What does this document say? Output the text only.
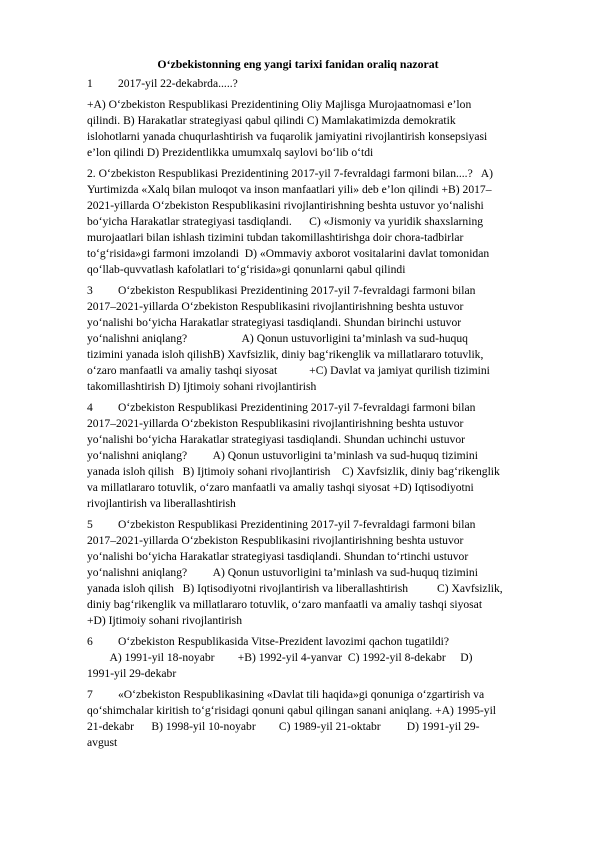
O‘zbekistonning eng yangi tarixi fanidan oraliq nazorat
1 2017-yil 22-dekabrda.....?
+A) O‘zbekiston Respublikasi Prezidentining Oliy Majlisga Murojaatnomasi e’lon
qilindi. B) Harakatlar strategiyasi qabul qilindi C) Mamlakatimizda demokratik
islohotlarni yanada chuqurlashtirish va fuqarolik jamiyatini rivojlantirish konsepsiyasi
e’lon qilindi D) Prezidentlikka umumxalq saylovi bo‘lib o‘tdi
2. O‘zbekiston Respublikasi Prezidentining 2017-yil 7-fevraldagi farmoni bilan....?   A)
Yurtimizda «Xalq bilan muloqot va inson manfaatlari yili» deb e’lon qilindi +B) 2017–
2021-yillarda O‘zbekiston Respublikasini rivojlantirishning beshta ustuvor yo‘nalishi
bo‘yicha Harakatlar strategiyasi tasdiqlandi.      C) «Jismoniy va yuridik shaxslarning
murojaatlari bilan ishlash tizimini tubdan takomillashtirishga doir chora-tadbirlar
to‘g‘risida»gi farmoni imzolandi  D) «Ommaviy axborot vositalarini davlat tomonidan
qo‘llab-quvvatlash kafolatlari to‘g‘risida»gi qonunlarni qabul qilindi
3 O‘zbekiston Respublikasi Prezidentining 2017-yil 7-fevraldagi farmoni bilan
2017–2021-yillarda O‘zbekiston Respublikasini rivojlantirishning beshta ustuvor
yo‘nalishi bo‘yicha Harakatlar strategiyasi tasdiqlandi. Shundan birinchi ustuvor
yo‘nalishni aniqlang?                   A) Qonun ustuvorligini ta’minlash va sud-huquq
tizimini yanada isloh qilishB) Xavfsizlik, diniy bag‘rikenglik va millatlararo totuvlik,
o‘zaro manfaatli va amaliy tashqi siyosat           +C) Davlat va jamiyat qurilish tizimini
takomillashtirish D) Ijtimoiy sohani rivojlantirish
4 O‘zbekiston Respublikasi Prezidentining 2017-yil 7-fevraldagi farmoni bilan
2017–2021-yillarda O‘zbekiston Respublikasini rivojlantirishning beshta ustuvor
yo‘nalishi bo‘yicha Harakatlar strategiyasi tasdiqlandi. Shundan uchinchi ustuvor
yo‘nalishni aniqlang?         A) Qonun ustuvorligini ta’minlash va sud-huquq tizimini
yanada isloh qilish   B) Ijtimoiy sohani rivojlantirish    C) Xavfsizlik, diniy bag‘rikenglik
va millatlararo totuvlik, o‘zaro manfaatli va amaliy tashqi siyosat +D) Iqtisodiyotni
rivojlantirish va liberallashtirish
5 O‘zbekiston Respublikasi Prezidentining 2017-yil 7-fevraldagi farmoni bilan
2017–2021-yillarda O‘zbekiston Respublikasini rivojlantirishning beshta ustuvor
yo‘nalishi bo‘yicha Harakatlar strategiyasi tasdiqlandi. Shundan to‘rtinchi ustuvor
yo‘nalishni aniqlang?         A) Qonun ustuvorligini ta’minlash va sud-huquq tizimini
yanada isloh qilish   B) Iqtisodiyotni rivojlantirish va liberallashtirish          C) Xavfsizlik,
diniy bag‘rikenglik va millatlararo totuvlik, o‘zaro manfaatli va amaliy tashqi siyosat
+D) Ijtimoiy sohani rivojlantirish
6 O‘zbekiston Respublikasida Vitse-Prezident lavozimi qachon tugatildi?
A) 1991-yil 18-noyabr        +B) 1992-yil 4-yanvar  C) 1992-yil 8-dekabr     D)
1991-yil 29-dekabr
7 «O‘zbekiston Respublikasining «Davlat tili haqida»gi qonuniga o‘zgartirish va
qo‘shimchalar kiritish to‘g‘risidagi qonuni qabul qilingan sanani aniqlang. +A) 1995-yil
21-dekabr      B) 1998-yil 10-noyabr        C) 1989-yil 21-oktabr         D) 1991-yil 29-
avgust
